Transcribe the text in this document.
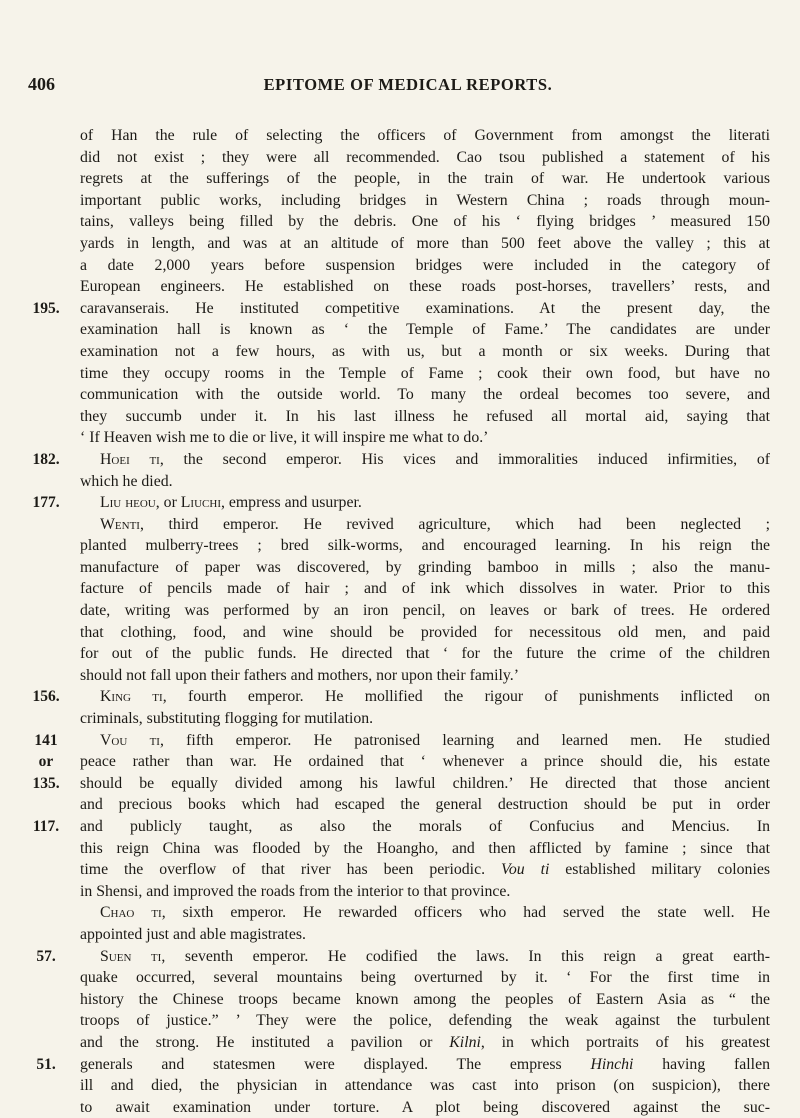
406	EPITOME OF MEDICAL REPORTS.
of Han the rule of selecting the officers of Government from amongst the literati
did not exist ; they were all recommended. Cao tsou published a statement of his
regrets at the sufferings of the people, in the train of war. He undertook various
important public works, including bridges in Western China ; roads through moun-
tains, valleys being filled by the debris. One of his ‘ flying bridges ’ measured 150
yards in length, and was at an altitude of more than 500 feet above the valley ; this at
a date 2,000 years before suspension bridges were included in the category of
European engineers. He established on these roads post-horses, travellers’ rests, and
195. caravanserais. He instituted competitive examinations. At the present day, the
examination hall is known as ‘ the Temple of Fame.’ The candidates are under
examination not a few hours, as with us, but a month or six weeks. During that
time they occupy rooms in the Temple of Fame ; cook their own food, but have no
communication with the outside world. To many the ordeal becomes too severe, and
they succumb under it. In his last illness he refused all mortal aid, saying that
‘ If Heaven wish me to die or live, it will inspire me what to do.’
182.	Hoei ti, the second emperor. His vices and immoralities induced infirmities, of
which he died.
177.	Liu heou, or Liuchi, empress and usurper.
Wenti, third emperor. He revived agriculture, which had been neglected ;
planted mulberry-trees ; bred silk-worms, and encouraged learning. In his reign the
manufacture of paper was discovered, by grinding bamboo in mills ; also the manu-
facture of pencils made of hair ; and of ink which dissolves in water. Prior to this
date, writing was performed by an iron pencil, on leaves or bark of trees. He ordered
that clothing, food, and wine should be provided for necessitous old men, and paid
for out of the public funds. He directed that ‘ for the future the crime of the children
should not fall upon their fathers and mothers, nor upon their family.’
156.	King ti, fourth emperor. He mollified the rigour of punishments inflicted on
criminals, substituting flogging for mutilation.
141	Vou ti, fifth emperor. He patronised learning and learned men. He studied
or	peace rather than war. He ordained that ‘ whenever a prince should die, his estate
135. should be equally divided among his lawful children.’ He directed that those ancient
and precious books which had escaped the general destruction should be put in order
117. and publicly taught, as also the morals of Confucius and Mencius. In
this reign China was flooded by the Hoangho, and then afflicted by famine ; since that
time the overflow of that river has been periodic. Vou ti established military colonies
in Shensi, and improved the roads from the interior to that province.
Chao ti, sixth emperor. He rewarded officers who had served the state well. He
appointed just and able magistrates.
57.	Suen ti, seventh emperor. He codified the laws. In this reign a great earth-
quake occurred, several mountains being overturned by it. ‘ For the first time in
history the Chinese troops became known among the peoples of Eastern Asia as “ the
troops of justice.” ’ They were the police, defending the weak against the turbulent
and the strong. He instituted a pavilion or Kilni, in which portraits of his greatest
51.	generals and statesmen were displayed. The empress Hinchi having fallen
ill and died, the physician in attendance was cast into prison (on suspicion), there
to await examination under torture. A plot being discovered against the suc-
